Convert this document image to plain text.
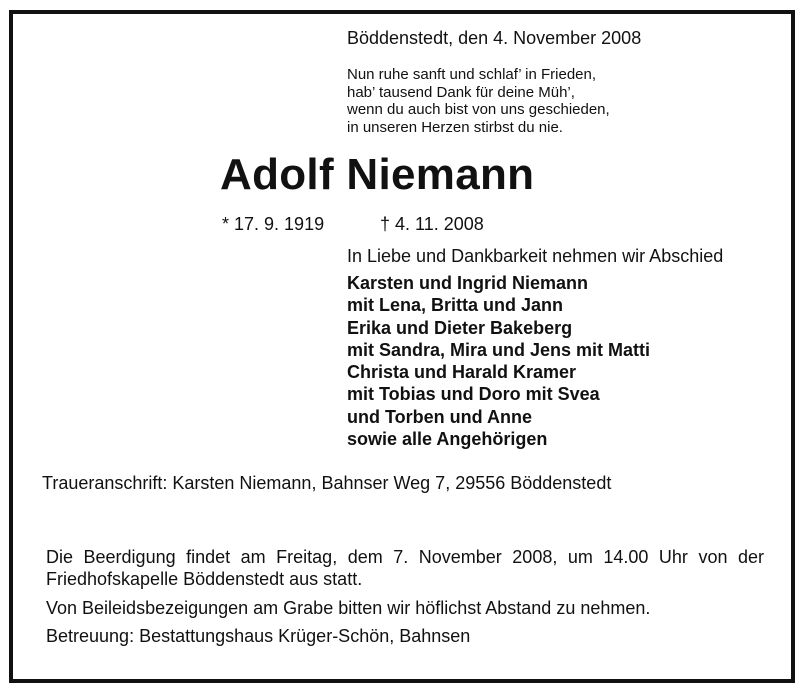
Böddenstedt, den 4. November 2008
Nun ruhe sanft und schlaf’ in Frieden,
hab’ tausend Dank für deine Müh’,
wenn du auch bist von uns geschieden,
in unseren Herzen stirbst du nie.
Adolf Niemann
* 17. 9. 1919	† 4. 11. 2008
In Liebe und Dankbarkeit nehmen wir Abschied
Karsten und Ingrid Niemann
mit Lena, Britta und Jann
Erika und Dieter Bakeberg
mit Sandra, Mira und Jens mit Matti
Christa und Harald Kramer
mit Tobias und Doro mit Svea
und Torben und Anne
sowie alle Angehörigen
Traueranschrift: Karsten Niemann, Bahnser Weg 7, 29556 Böddenstedt
Die Beerdigung findet am Freitag, dem 7. November 2008, um 14.00 Uhr von der Friedhofskapelle Böddenstedt aus statt.
Von Beileidsbezeigungen am Grabe bitten wir höflichst Abstand zu nehmen.
Betreuung: Bestattungshaus Krüger-Schön, Bahnsen
